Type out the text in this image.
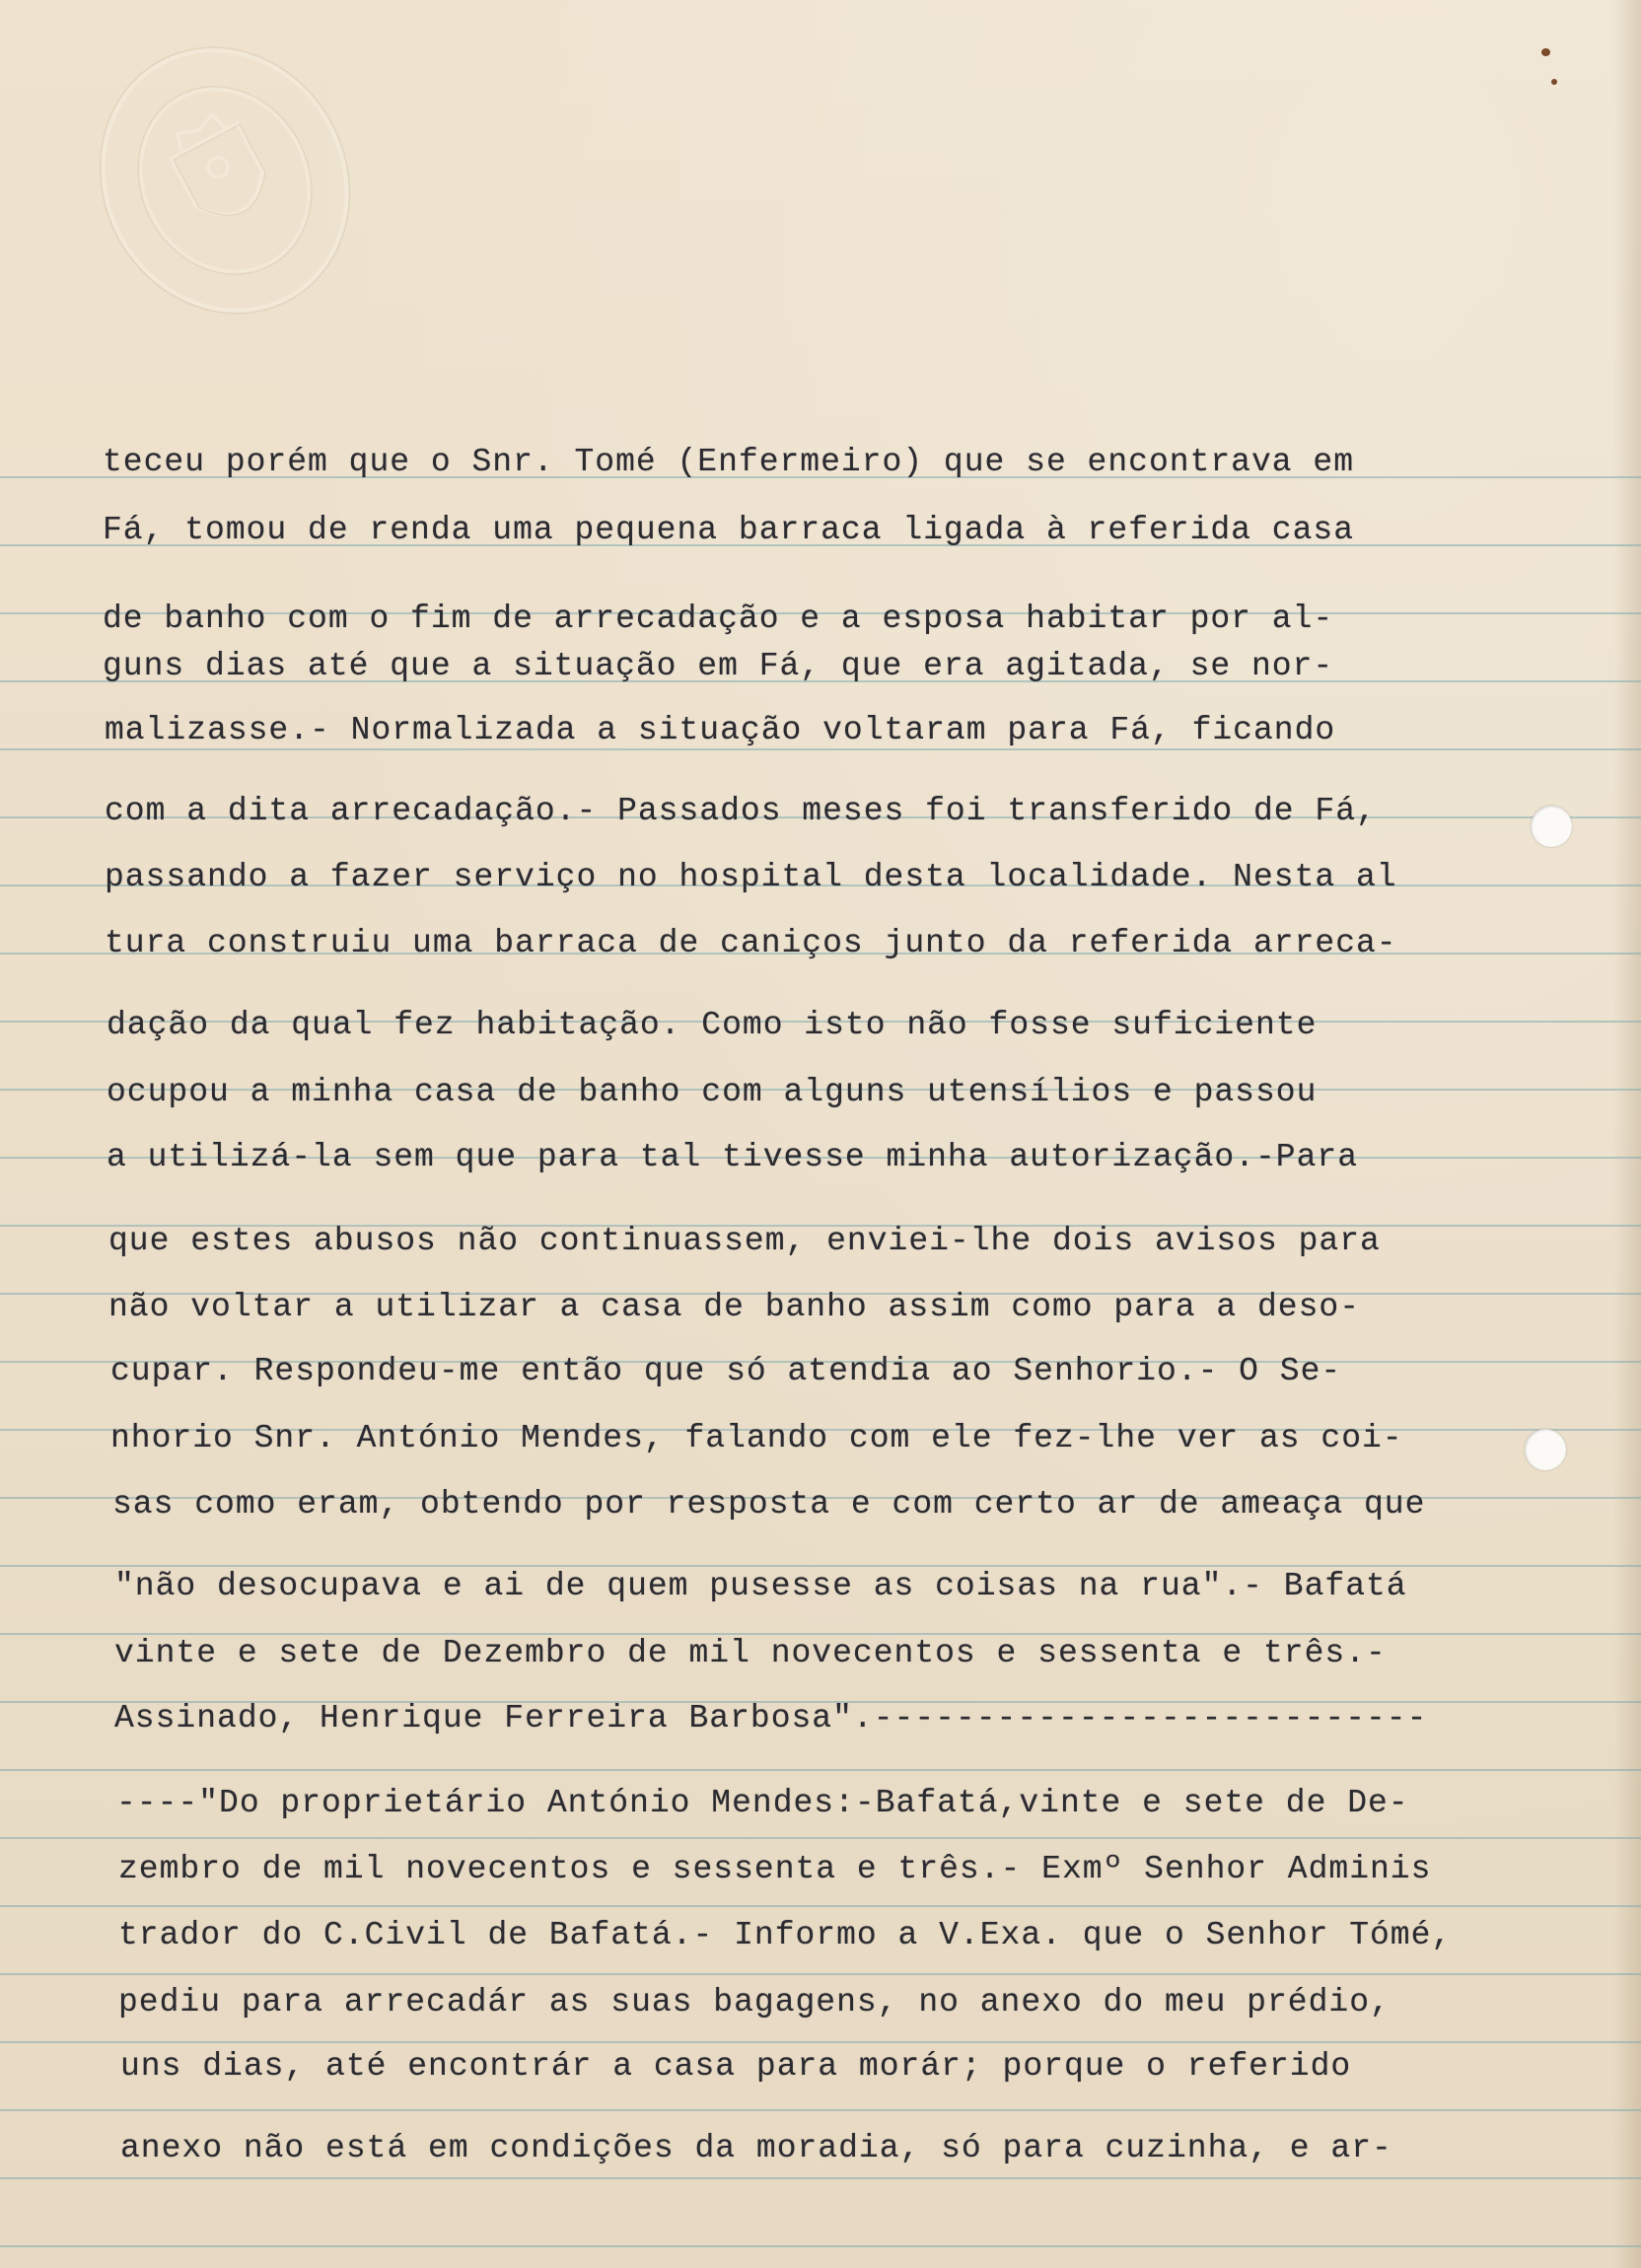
teceu porém que o Snr. Tomé (Enfermeiro) que se encontrava em
Fá, tomou de renda uma pequena barraca ligada à referida casa
de banho com o fim de arrecadação e a esposa habitar por al-
guns dias até que a situação em Fá, que era agitada, se nor-
malizasse.- Normalizada a situação voltaram para Fá, ficando
com a dita arrecadação.- Passados meses foi transferido de Fá,
passando a fazer serviço no hospital desta localidade. Nesta al
tura construiu uma barraca de caniços junto da referida arreca-
dação da qual fez habitação. Como isto não fosse suficiente
ocupou a minha casa de banho com alguns utensílios e passou
a utilizá-la sem que para tal tivesse minha autorização.-Para
que estes abusos não continuassem, enviei-lhe dois avisos para
não voltar a utilizar a casa de banho assim como para a deso-
cupar. Respondeu-me então que só atendia ao Senhorio.- O Se-
nhorio Snr. António Mendes, falando com ele fez-lhe ver as coi-
sas como eram, obtendo por resposta e com certo ar de ameaça que
"não desocupava e ai de quem pusesse as coisas na rua".- Bafatá
vinte e sete de Dezembro de mil novecentos e sessenta e três.-
Assinado, Henrique Ferreira Barbosa".---------------------------
----"Do proprietário António Mendes:-Bafatá,vinte e sete de De-
zembro de mil novecentos e sessenta e três.- Exmº Senhor Adminis
trador do C.Civil de Bafatá.- Informo a V.Exa. que o Senhor Tómé,
pediu para arrecadár as suas bagagens, no anexo do meu prédio,
uns dias, até encontrár a casa para morár; porque o referido
anexo não está em condições da moradia, só para cuzinha, e ar-
